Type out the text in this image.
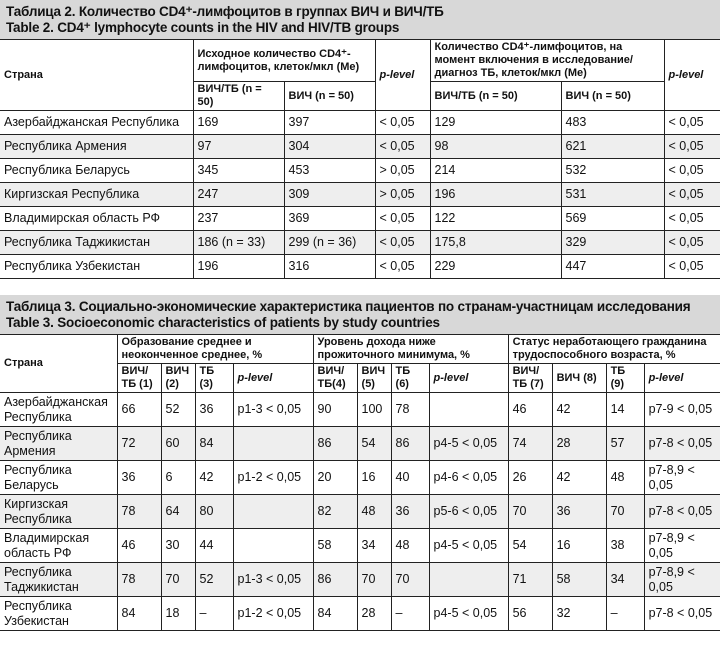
Таблица 2. Количество CD4⁺-лимфоцитов в группах ВИЧ и ВИЧ/ТБ
Table 2. CD4⁺ lymphocyte counts in the HIV and HIV/TB groups
Страна	Исходное количество CD4⁺-лимфоцитов, клеток/мкл (Me)		p-level	Количество CD4⁺-лимфоцитов, на момент включения в исследование/диагноз ТБ, клеток/мкл (Me)		p-level
	ВИЧ/ТБ (n = 50)	ВИЧ (n = 50)		ВИЧ/ТБ (n = 50)	ВИЧ (n = 50)	
Азербайджанская Республика	169	397	< 0,05	129	483	< 0,05
Республика Армения	97	304	< 0,05	98	621	< 0,05
Республика Беларусь	345	453	> 0,05	214	532	< 0,05
Киргизская Республика	247	309	> 0,05	196	531	< 0,05
Владимирская область РФ	237	369	< 0,05	122	569	< 0,05
Республика Таджикистан	186 (n = 33)	299 (n = 36)	< 0,05	175,8	329	< 0,05
Республика Узбекистан	196	316	< 0,05	229	447	< 0,05
Таблица 3. Социально-экономические характеристика пациентов по странам-участницам исследования
Table 3. Socioeconomic characteristics of patients by study countries
Страна	Образование среднее и неоконченное среднее, %				Уровень дохода ниже прожиточного минимума, %				Статус неработающего гражданина трудоспособного возраста, %			
	ВИЧ/ ТБ (1)	ВИЧ (2)	ТБ (3)	p-level	ВИЧ/ ТБ(4)	ВИЧ (5)	ТБ (6)	p-level	ВИЧ/ ТБ (7)	ВИЧ (8)	ТБ (9)	p-level
Азербайджанская Республика	66	52	36	p1-3 < 0,05	90	100	78		46	42	14	p7-9 < 0,05
Республика Армения	72	60	84		86	54	86	p4-5 < 0,05	74	28	57	p7-8 < 0,05
Республика Беларусь	36	6	42	p1-2 < 0,05	20	16	40	p4-6 < 0,05	26	42	48	p7-8,9 < 0,05
Киргизская Республика	78	64	80		82	48	36	p5-6 < 0,05	70	36	70	p7-8 < 0,05
Владимирская область РФ	46	30	44		58	34	48	p4-5 < 0,05	54	16	38	p7-8,9 < 0,05
Республика Таджикистан	78	70	52	p1-3 < 0,05	86	70	70		71	58	34	p7-8,9 < 0,05
Республика Узбекистан	84	18	–	p1-2 < 0,05	84	28	–	p4-5 < 0,05	56	32	–	p7-8 < 0,05
